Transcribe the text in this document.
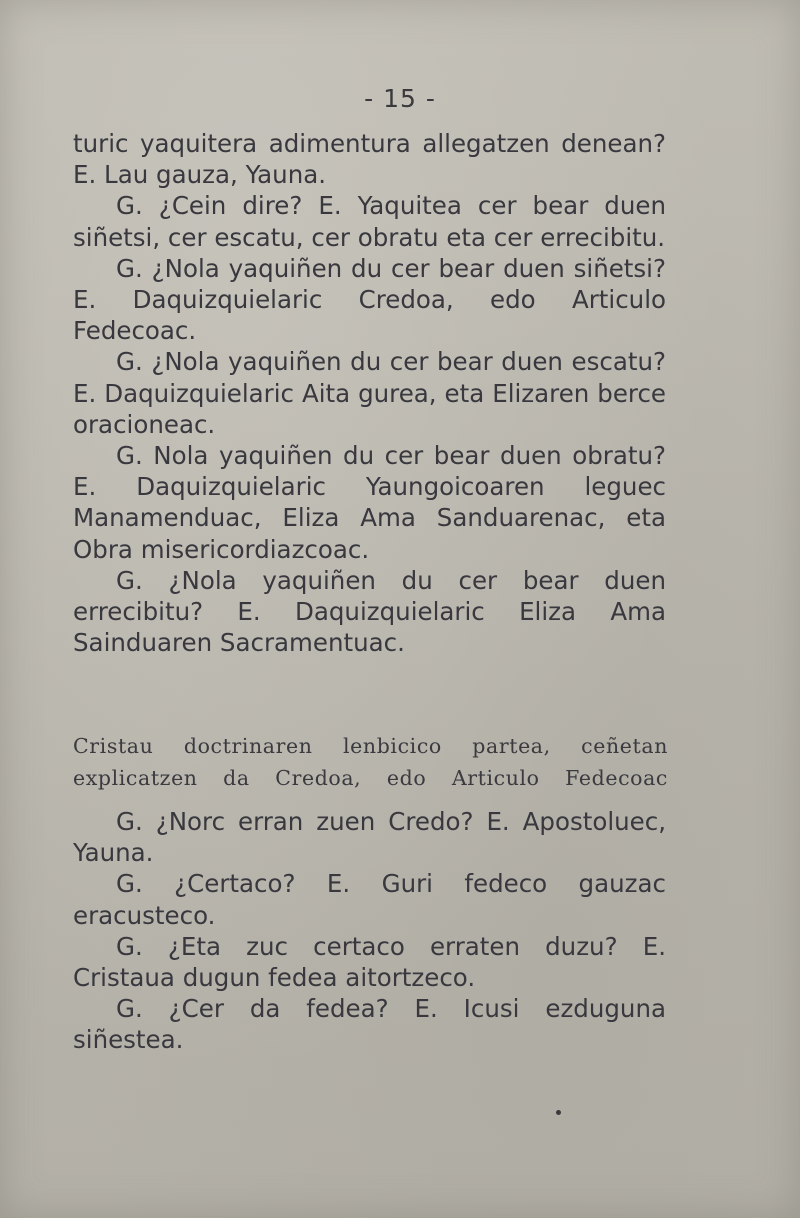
- 15 -

turic yaquitera adimentura allegatzen denean? E. Lau gauza, Yauna.

G. ¿Cein dire? E. Yaquitea cer bear duen siñetsi, cer escatu, cer obratu eta cer errecibitu.

G. ¿Nola yaquiñen du cer bear duen siñetsi? E. Daquizquielaric Credoa, edo Articulo Fedecoac.

G. ¿Nola yaquiñen du cer bear duen escatu? E. Daquizquielaric Aita gurea, eta Elizaren berce oracioneac.

G. Nola yaquiñen du cer bear duen obratu? E. Daquizquielaric Yaungoicoaren leguec Manamenduac, Eliza Ama Sanduarenac, eta Obra misericordiazcoac.

G. ¿Nola yaquiñen du cer bear duen errecibitu? E. Daquizquielaric Eliza Ama Sainduaren Sacramentuac.

Cristau doctrinaren lenbicico partea, ceñetan
explicatzen da Credoa, edo Articulo Fedecoac

G. ¿Norc erran zuen Credo? E. Apostoluec, Yauna.

G. ¿Certaco? E. Guri fedeco gauzac eracusteco.

G. ¿Eta zuc certaco erraten duzu? E. Cristaua dugun fedea aitortzeco.

G. ¿Cer da fedea? E. Icusi ezduguna siñestea.
